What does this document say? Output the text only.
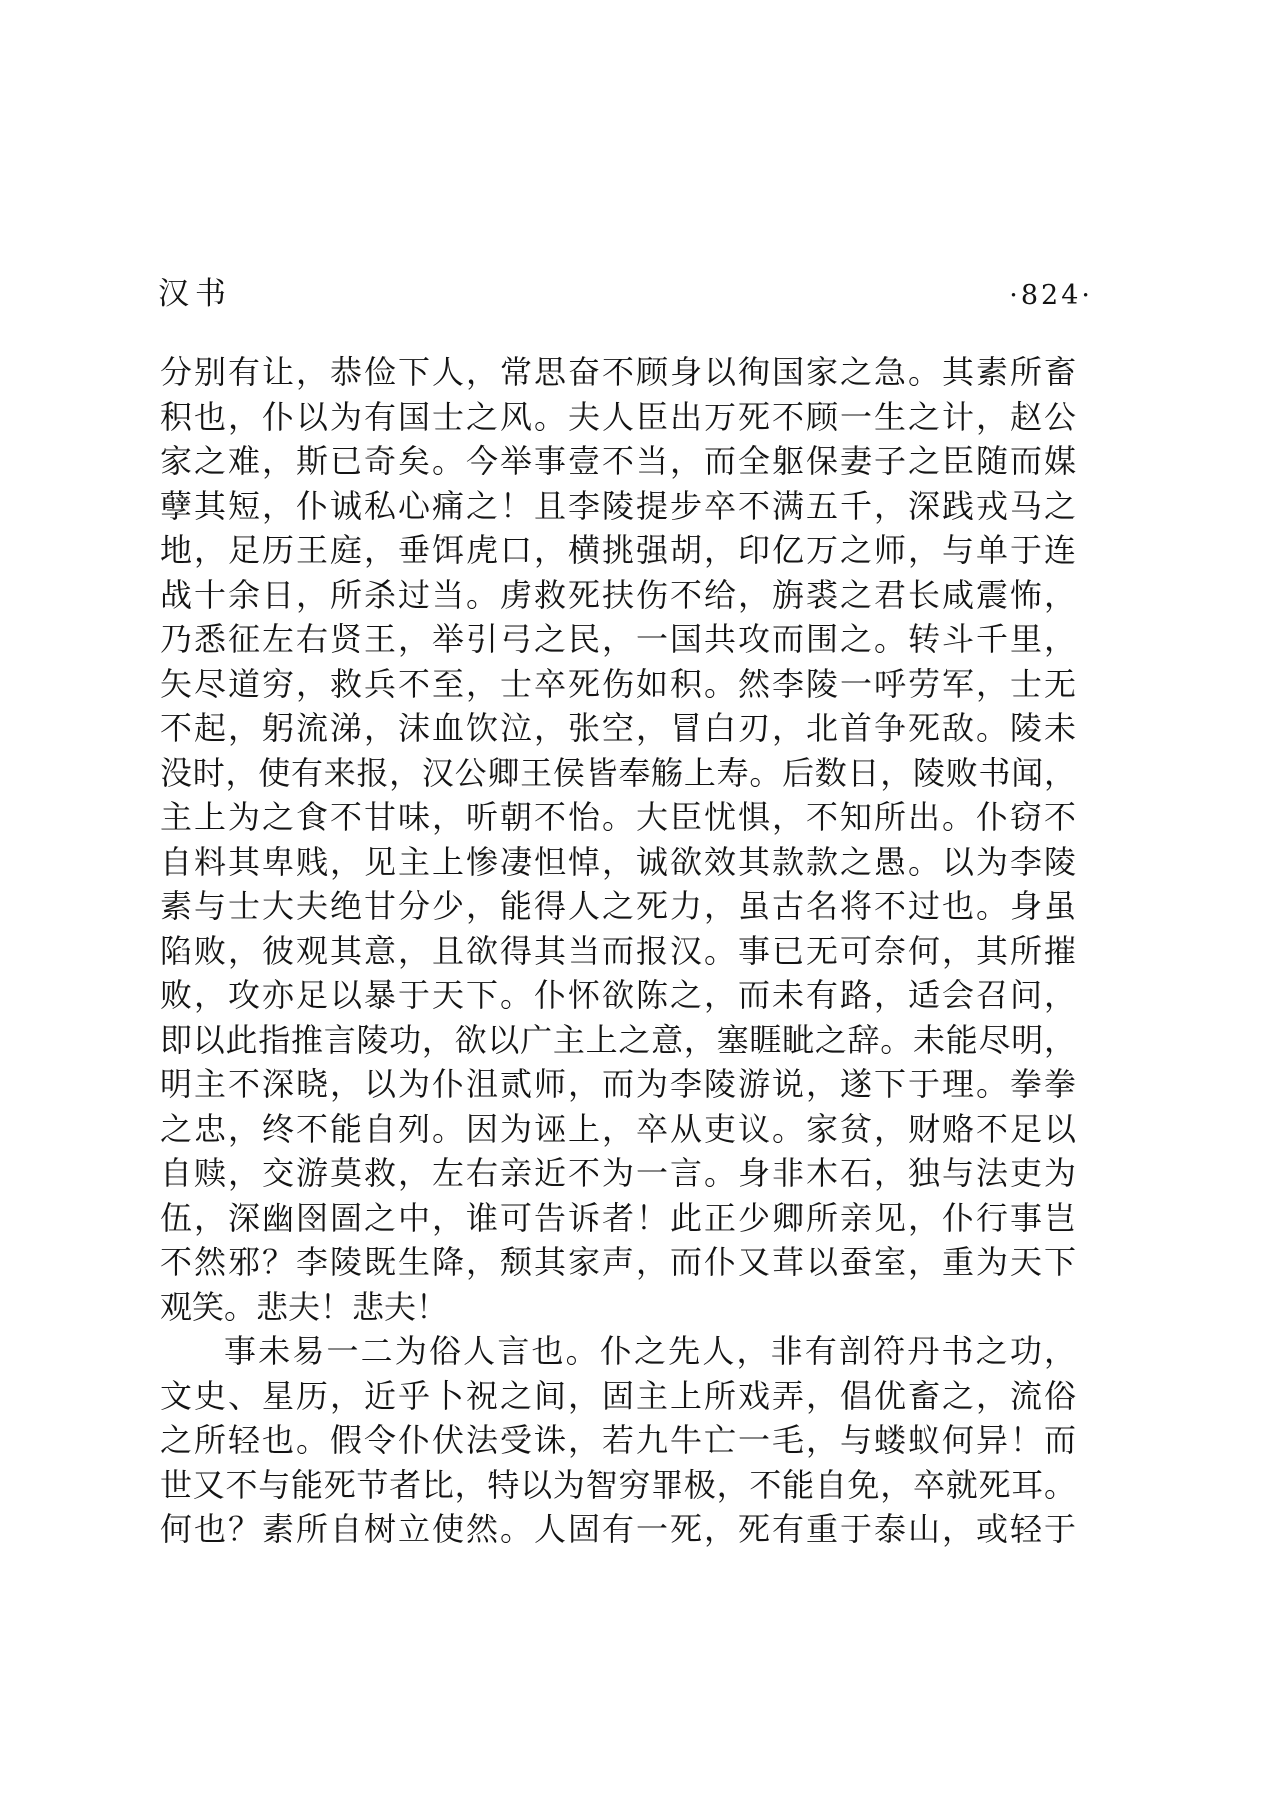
汉书	·824·
分别有让，恭俭下人，常思奋不顾身以徇国家之急。其素所畜
积也，仆以为有国士之风。夫人臣出万死不顾一生之计，赵公
家之难，斯已奇矣。今举事壹不当，而全躯保妻子之臣随而媒
孽其短，仆诚私心痛之！且李陵提步卒不满五千，深践戎马之
地，足历王庭，垂饵虎口，横挑强胡，印亿万之师，与单于连
战十余日，所杀过当。虏救死扶伤不给，旃裘之君长咸震怖，
乃悉征左右贤王，举引弓之民，一国共攻而围之。转斗千里，
矢尽道穷，救兵不至，士卒死伤如积。然李陵一呼劳军，士无
不起，躬流涕，沫血饮泣，张空，冒白刃，北首争死敌。陵未
没时，使有来报，汉公卿王侯皆奉觞上寿。后数日，陵败书闻，
主上为之食不甘味，听朝不怡。大臣忧惧，不知所出。仆窃不
自料其卑贱，见主上惨凄怛悼，诚欲效其款款之愚。以为李陵
素与士大夫绝甘分少，能得人之死力，虽古名将不过也。身虽
陷败，彼观其意，且欲得其当而报汉。事已无可奈何，其所摧
败，攻亦足以暴于天下。仆怀欲陈之，而未有路，适会召问，
即以此指推言陵功，欲以广主上之意，塞睚眦之辞。未能尽明，
明主不深晓，以为仆沮贰师，而为李陵游说，遂下于理。拳拳
之忠，终不能自列。因为诬上，卒从吏议。家贫，财赂不足以
自赎，交游莫救，左右亲近不为一言。身非木石，独与法吏为
伍，深幽囹圄之中，谁可告诉者！此正少卿所亲见，仆行事岂
不然邪？李陵既生降，颓其家声，而仆又茸以蚕室，重为天下
观笑。悲夫！悲夫！
事未易一二为俗人言也。仆之先人，非有剖符丹书之功，
文史、星历，近乎卜祝之间，固主上所戏弄，倡优畜之，流俗
之所轻也。假令仆伏法受诛，若九牛亡一毛，与蝼蚁何异！而
世又不与能死节者比，特以为智穷罪极，不能自免，卒就死耳。
何也？素所自树立使然。人固有一死，死有重于泰山，或轻于
